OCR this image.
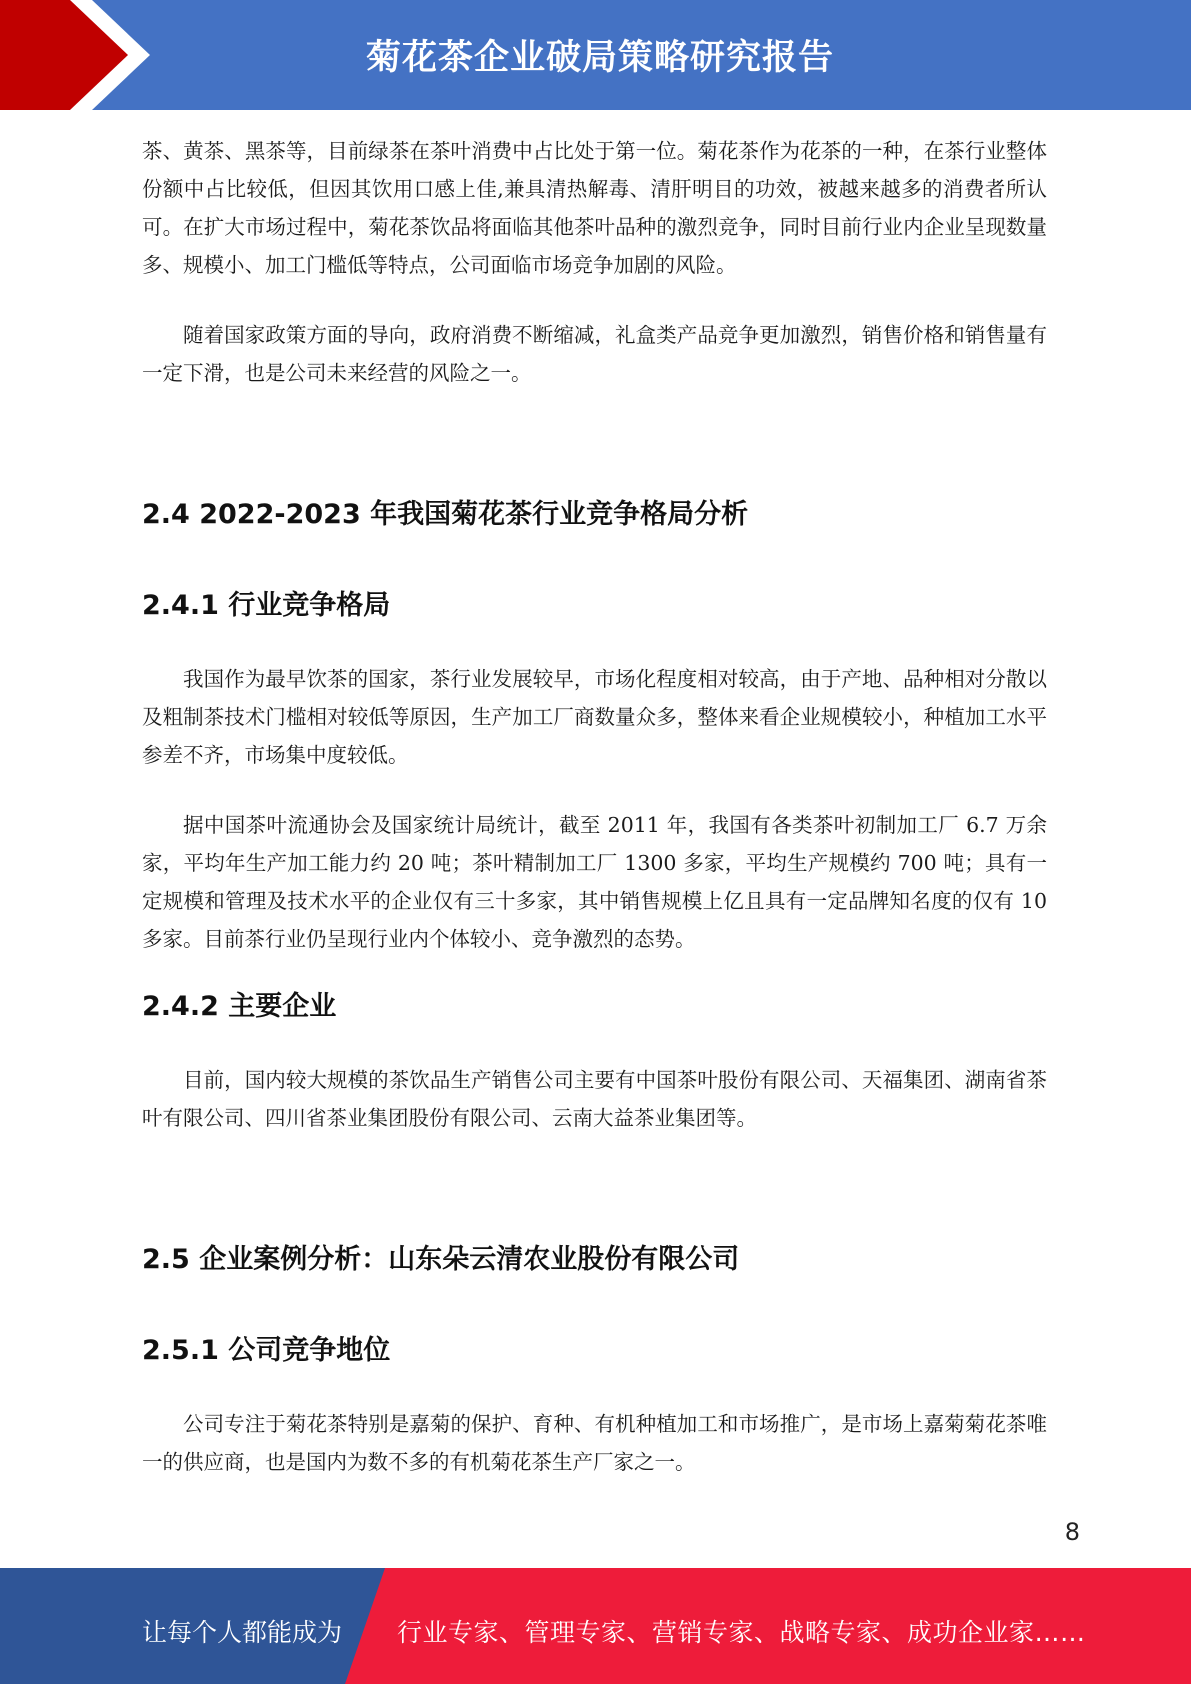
菊花茶企业破局策略研究报告

茶、黄茶、黑茶等，目前绿茶在茶叶消费中占比处于第一位。菊花茶作为花茶的一种，在茶行业整体份额中占比较低，但因其饮用口感上佳,兼具清热解毒、清肝明目的功效，被越来越多的消费者所认可。在扩大市场过程中，菊花茶饮品将面临其他茶叶品种的激烈竞争，同时目前行业内企业呈现数量多、规模小、加工门槛低等特点，公司面临市场竞争加剧的风险。

随着国家政策方面的导向，政府消费不断缩减，礼盒类产品竞争更加激烈，销售价格和销售量有一定下滑，也是公司未来经营的风险之一。

2.4 2022-2023 年我国菊花茶行业竞争格局分析
2.4.1 行业竞争格局

我国作为最早饮茶的国家，茶行业发展较早，市场化程度相对较高，由于产地、品种相对分散以及粗制茶技术门槛相对较低等原因，生产加工厂商数量众多，整体来看企业规模较小，种植加工水平参差不齐，市场集中度较低。

据中国茶叶流通协会及国家统计局统计，截至 2011 年，我国有各类茶叶初制加工厂 6.7 万余家，平均年生产加工能力约 20 吨；茶叶精制加工厂 1300 多家，平均生产规模约 700 吨；具有一定规模和管理及技术水平的企业仅有三十多家，其中销售规模上亿且具有一定品牌知名度的仅有 10 多家。目前茶行业仍呈现行业内个体较小、竞争激烈的态势。

2.4.2 主要企业

目前，国内较大规模的茶饮品生产销售公司主要有中国茶叶股份有限公司、天福集团、湖南省茶叶有限公司、四川省茶业集团股份有限公司、云南大益茶业集团等。

2.5 企业案例分析：山东朵云清农业股份有限公司
2.5.1 公司竞争地位

公司专注于菊花茶特别是嘉菊的保护、育种、有机种植加工和市场推广，是市场上嘉菊菊花茶唯一的供应商，也是国内为数不多的有机菊花茶生产厂家之一。

8
让每个人都能成为 行业专家、管理专家、营销专家、战略专家、成功企业家……
